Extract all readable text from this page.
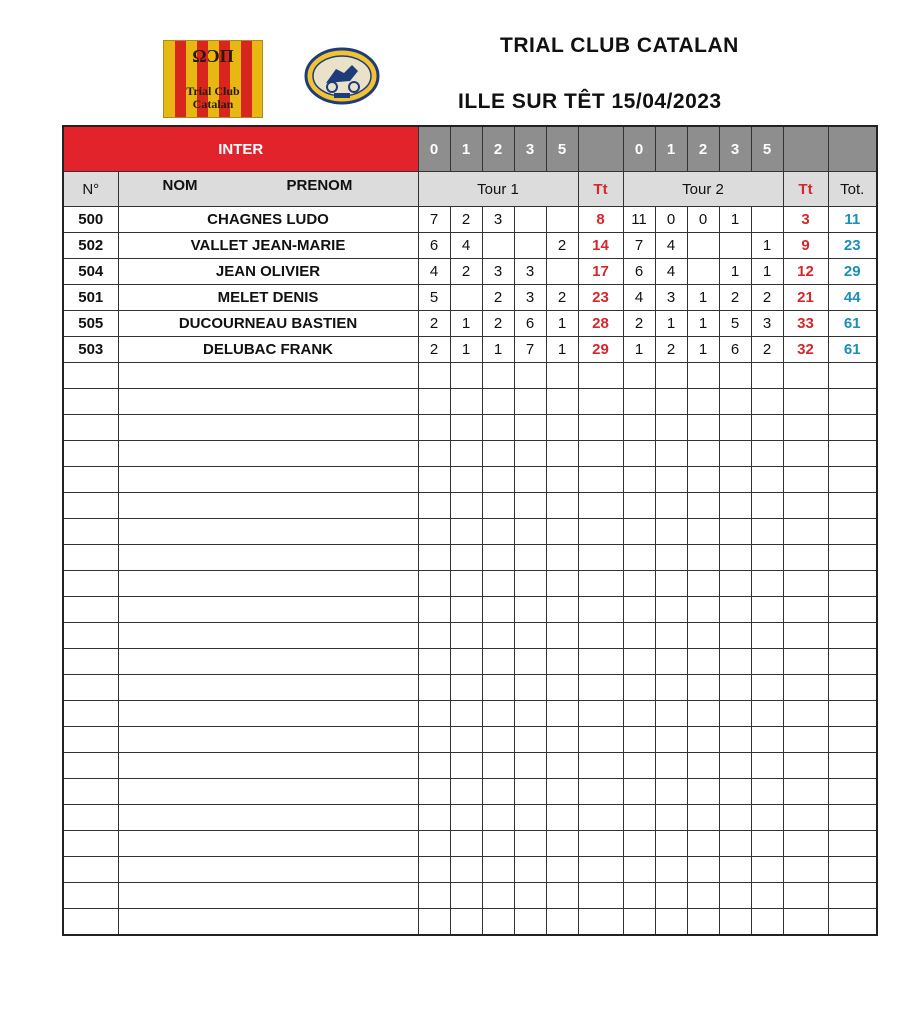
ΩϽΠ
Trial Club
Catalan
TRIAL CLUB CATALAN
ILLE SUR TÊT 15/04/2023
INTER		0	1	2	3	5		0	1	2	3	5		
N°	NOM PRENOM	Tour 1					Tt	Tour 2					Tt	Tot.
500	CHAGNES LUDO	7	2	3			8	11	0	0	1		3	11
502	VALLET JEAN-MARIE	6	4			2	14	7	4			1	9	23
504	JEAN OLIVIER	4	2	3	3		17	6	4		1	1	12	29
501	MELET DENIS	5		2	3	2	23	4	3	1	2	2	21	44
505	DUCOURNEAU BASTIEN	2	1	2	6	1	28	2	1	1	5	3	33	61
503	DELUBAC FRANK	2	1	1	7	1	29	1	2	1	6	2	32	61
